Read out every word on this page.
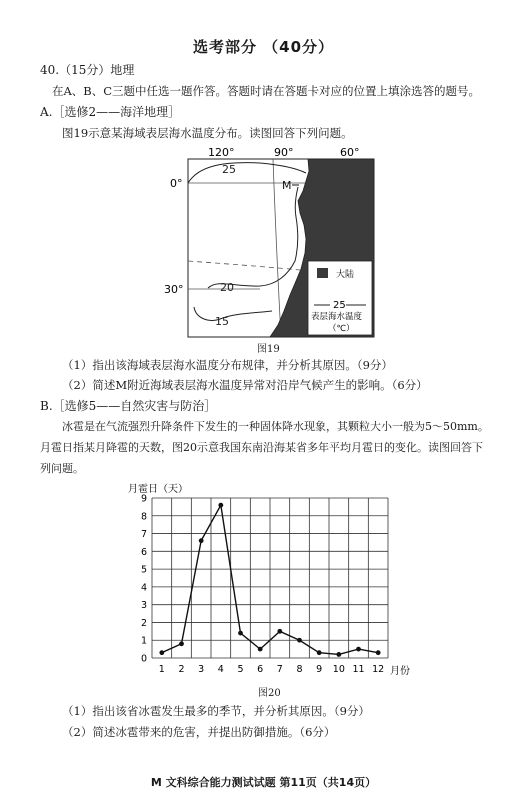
选考部分 （40分）
40.（15分）地理
在A、B、C三题中任选一题作答。答题时请在答题卡对应的位置上填涂选答的题号。
A.［选修2——海洋地理］
图19示意某海域表层海水温度分布。读图回答下列问题。
120°	90°	60°
0°
30°
25
20
15
M
大陆
25
表层海水温度
（℃）
图19
（1）指出该海域表层海水温度分布规律，并分析其原因。（9分）
（2）简述M附近海域表层海水温度异常对沿岸气候产生的影响。（6分）
B.［选修5——自然灾害与防治］
冰雹是在气流强烈升降条件下发生的一种固体降水现象，其颗粒大小一般为5～50mm。
月雹日指某月降雹的天数，图20示意我国东南沿海某省多年平均月雹日的变化。读图回答下
列问题。
月雹日（天）
0
1
2
3
4
5
6
7
8
9
1 2 3 4 5 6 7 8 9 10 11 12 月份
图20
（1）指出该省冰雹发生最多的季节，并分析其原因。（9分）
（2）简述冰雹带来的危害，并提出防御措施。（6分）
M 文科综合能力测试试题 第11页（共14页）
